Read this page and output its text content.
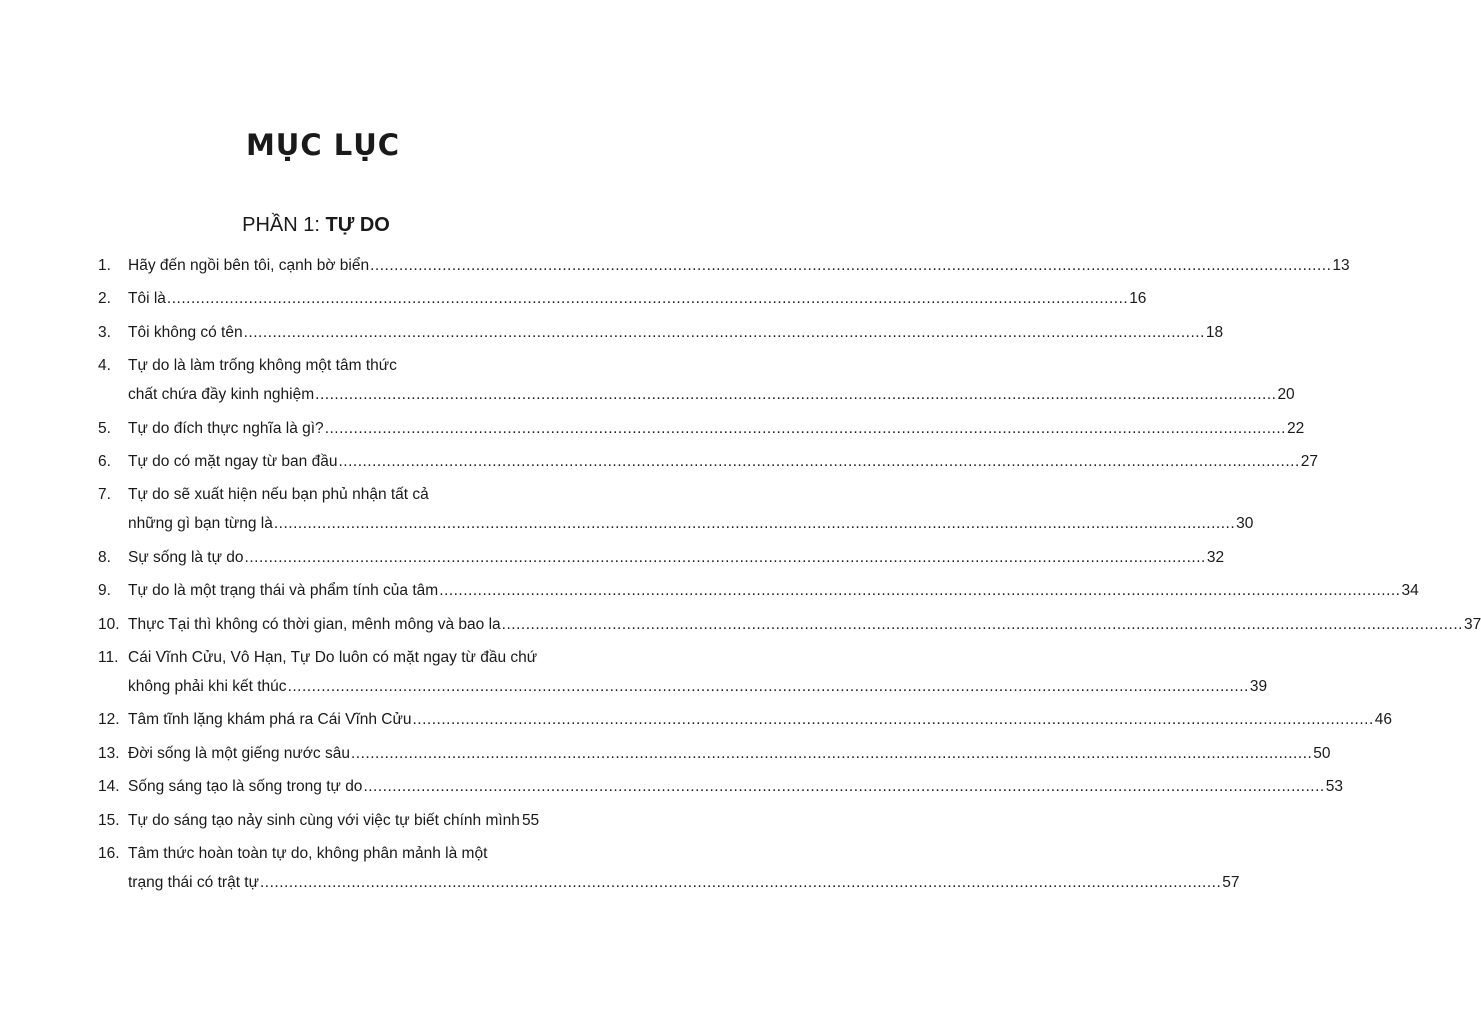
MỤC LỤC
PHẦN 1: TỰ DO
1.	Hãy đến ngồi bên tôi, cạnh bờ biển ........................................................................................................................................................................................................ 13
2.	Tôi là ........................................................................................................................................................................................................ 16
3.	Tôi không có tên ........................................................................................................................................................................................................ 18
4.	Tự do là làm trống không một tâm thức
chất chứa đầy kinh nghiệm ........................................................................................................................................................................................................ 20
5.	Tự do đích thực nghĩa là gì? ........................................................................................................................................................................................................ 22
6.	Tự do có mặt ngay từ ban đầu ........................................................................................................................................................................................................ 27
7.	Tự do sẽ xuất hiện nếu bạn phủ nhận tất cả
những gì bạn từng là ........................................................................................................................................................................................................ 30
8.	Sự sống là tự do ........................................................................................................................................................................................................ 32
9.	Tự do là một trạng thái và phẩm tính của tâm ........................................................................................................................................................................................................ 34
10. Thực Tại thì không có thời gian, mênh mông và bao la ........................................................................................................................................................................................................ 37
11. Cái Vĩnh Cửu, Vô Hạn, Tự Do luôn có mặt ngay từ đầu chứ
không phải khi kết thúc ........................................................................................................................................................................................................ 39
12. Tâm tĩnh lặng khám phá ra Cái Vĩnh Cửu ........................................................................................................................................................................................................ 46
13. Đời sống là một giếng nước sâu ........................................................................................................................................................................................................ 50
14. Sống sáng tạo là sống trong tự do ........................................................................................................................................................................................................ 53
15. Tự do sáng tạo nảy sinh cùng với việc tự biết chính mình 55
16. Tâm thức hoàn toàn tự do, không phân mảnh là một
trạng thái có trật tự ........................................................................................................................................................................................................ 57
